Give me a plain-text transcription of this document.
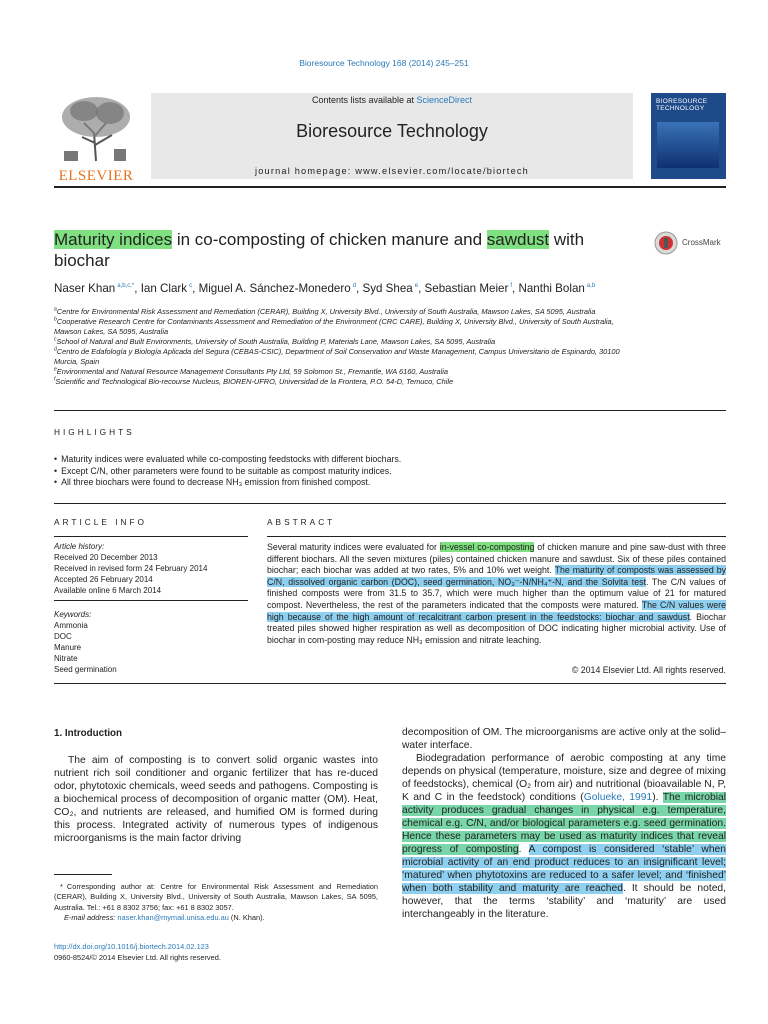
Bioresource Technology 168 (2014) 245–251
ELSEVIER
Contents lists available at ScienceDirect
Bioresource Technology
journal homepage: www.elsevier.com/locate/biortech
BIORESOURCE
TECHNOLOGY
Maturity indices in co-composting of chicken manure and sawdust with
biochar
CrossMark
Naser Khan $^{a,b,c,*}$, Ian Clark $^c$, Miguel A. Sánchez-Monedero $^d$, Syd Shea $^e$, Sebastian Meier $^f$, Nanthi Bolan $^{a,b}$
$^a$Centre for Environmental Risk Assessment and Remediation (CERAR), Building X, University Blvd., University of South Australia, Mawson Lakes, SA 5095, Australia
$^b$Cooperative Research Centre for Contaminants Assessment and Remediation of the Environment (CRC CARE), Building X, University Blvd., University of South Australia,
Mawson Lakes, SA 5095, Australia
$^c$School of Natural and Built Environments, University of South Australia, Building P, Materials Lane, Mawson Lakes, SA 5095, Australia
$^d$Centro de Edafología y Biología Aplicada del Segura (CEBAS-CSIC), Department of Soil Conservation and Waste Management, Campus Universitario de Espinardo, 30100
Murcia, Spain
$^e$Environmental and Natural Resource Management Consultants Pty Ltd, 59 Solomon St., Fremantle, WA 6160, Australia
$^f$Scientific and Technological Bio-recourse Nucleus, BIOREN-UFRO, Universidad de la Frontera, P.O. 54-D, Temuco, Chile
HIGHLIGHTS
• Maturity indices were evaluated while co-composting feedstocks with different biochars.
• Except C/N, other parameters were found to be suitable as compost maturity indices.
• All three biochars were found to decrease NH₃ emission from finished compost.
ARTICLE INFO
Article history:
Received 20 December 2013
Received in revised form 24 February 2014
Accepted 26 February 2014
Available online 6 March 2014
Keywords:
Ammonia
DOC
Manure
Nitrate
Seed germination
ABSTRACT
Several maturity indices were evaluated for in-vessel co-composting of chicken manure and pine saw-dust with three different biochars. All the seven mixtures (piles) contained chicken manure and sawdust. Six of these piles contained biochar; each biochar was added at two rates, 5% and 10% wet weight. The maturity of composts was assessed by C/N, dissolved organic carbon (DOC), seed germination, NO₃⁻-N/NH₄⁺-N, and the Solvita test. The C/N values of finished composts were from 31.5 to 35.7, which were much higher than the optimum value of 21 for matured compost. Nevertheless, the rest of the parameters indicated that the composts were matured. The C/N values were high because of the high amount of recalcitrant carbon present in the feedstocks: biochar and sawdust. Biochar treated piles showed higher respiration as well as decomposition of DOC indicating higher microbial activity. Use of biochar in com-posting may reduce NH₃ emission and nitrate leaching.
© 2014 Elsevier Ltd. All rights reserved.
1. Introduction
The aim of composting is to convert solid organic wastes into nutrient rich soil conditioner and organic fertilizer that has re-duced odor, phytotoxic chemicals, weed seeds and pathogens. Composting is a biochemical process of decomposition of organic matter (OM). Heat, CO₂, and nutrients are released, and humified OM is formed during this process. Integrated activity of numerous types of indigenous microorganisms is the main factor driving
* Corresponding author at: Centre for Environmental Risk Assessment and Remediation (CERAR), Building X, University Blvd., University of South Australia, Mawson Lakes, SA 5095, Australia. Tel.: +61 8 8302 3756; fax: +61 8 8302 3057.
E-mail address: naser.khan@mymail.unisa.edu.au (N. Khan).
http://dx.doi.org/10.1016/j.biortech.2014.02.123
0960-8524/© 2014 Elsevier Ltd. All rights reserved.
decomposition of OM. The microorganisms are active only at the solid–water interface.
Biodegradation performance of aerobic composting at any time depends on physical (temperature, moisture, size and degree of mixing of feedstocks), chemical (O₂ from air) and nutritional (bioavailable N, P, K and C in the feedstock) conditions (Golueke, 1991). The microbial activity produces gradual changes in physical e.g. temperature, chemical e.g. C/N, and/or biological parameters e.g. seed germination. Hence these parameters may be used as maturity indices that reveal progress of composting. A compost is considered ‘stable’ when microbial activity of an end product reduces to an insignificant level; ‘matured’ when phytotoxins are reduced to a safer level; and ‘finished’ when both stability and maturity are reached. It should be noted, however, that the terms ‘stability’ and ‘maturity’ are used interchangeably in the literature.
